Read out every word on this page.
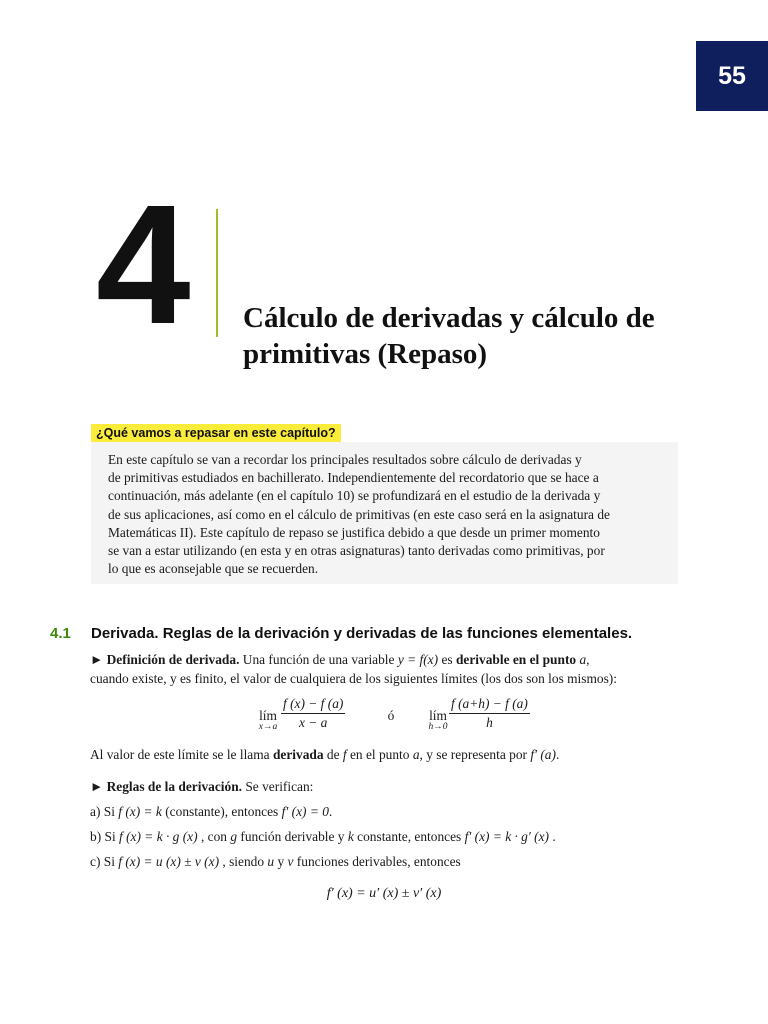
55
4 Cálculo de derivadas y cálculo de
primitivas (Repaso)
¿Qué vamos a repasar en este capítulo?
En este capítulo se van a recordar los principales resultados sobre cálculo de derivadas y
de primitivas estudiados en bachillerato. Independientemente del recordatorio que se hace a
continuación, más adelante (en el capítulo 10) se profundizará en el estudio de la derivada y
de sus aplicaciones, así como en el cálculo de primitivas (en este caso será en la asignatura de
Matemáticas II). Este capítulo de repaso se justifica debido a que desde un primer momento
se van a estar utilizando (en esta y en otras asignaturas) tanto derivadas como primitivas, por
lo que es aconsejable que se recuerden.
4.1 Derivada. Reglas de la derivación y derivadas de las funciones elementales.
► Definición de derivada. Una función de una variable y = f(x) es derivable en el punto a,
cuando existe, y es finito, el valor de cualquiera de los siguientes límites (los dos son los mismos):
lím
$x\to a \frac{f (x) - f (a)}{x - a}$	ó	lím
$h\to 0 \frac{f (a+h) - f (a)}{h}$
Al valor de este límite se le llama derivada de f en el punto a, y se representa por f′ (a).
► Reglas de la derivación. Se verifican:
a) Si f (x) = k (constante), entonces f′ (x) = 0.
b) Si f (x) = k · g (x) , con g función derivable y k constante, entonces f′ (x) = k · g′ (x) .
c) Si f (x) = u (x) ± v (x) , siendo u y v funciones derivables, entonces
f′ (x) = u′ (x) ± v′ (x)
